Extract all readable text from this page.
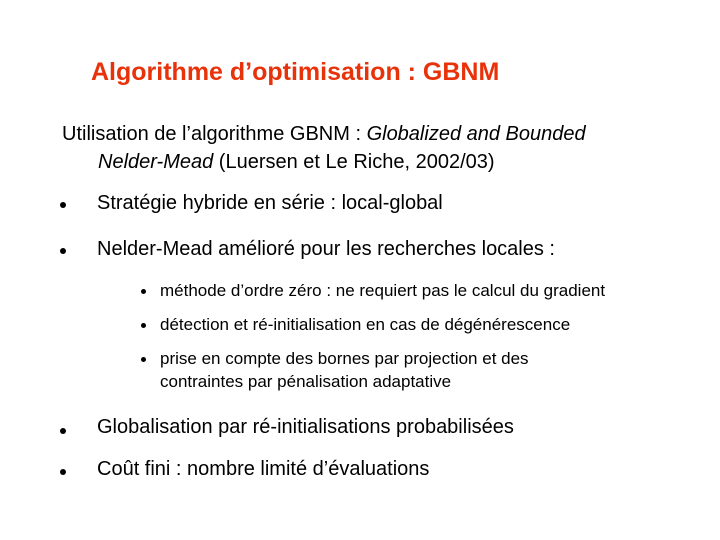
Algorithme d’optimisation : GBNM
Utilisation de l’algorithme GBNM : Globalized and Bounded
Nelder-Mead (Luersen et Le Riche, 2002/03)
Stratégie hybride en série : local-global
Nelder-Mead amélioré pour les recherches locales :
méthode d’ordre zéro : ne requiert pas le calcul du gradient
détection et ré-initialisation en cas de dégénérescence
prise en compte des bornes par projection et des
contraintes par pénalisation adaptative
Globalisation par ré-initialisations probabilisées
Coût fini : nombre limité d’évaluations
